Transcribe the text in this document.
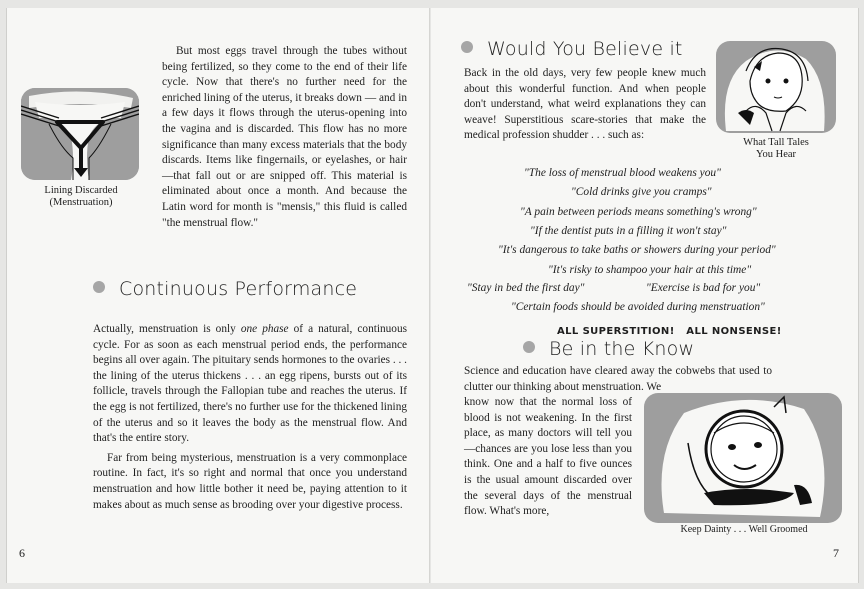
Lining Discarded
(Menstruation)
But most eggs travel through the tubes without being fertilized, so they come to the end of their life cycle. Now that there's no further need for the enriched lining of the uterus, it breaks down — and in a few days it flows through the uterus-opening into the vagina and is discarded. This flow has no more significance than many excess materials that the body discards. Items like fingernails, or eyelashes, or hair—that fall out or are snipped off. This material is eliminated about once a month. And because the Latin word for month is "mensis," this fluid is called "the menstrual flow."
Continuous Performance

Actually, menstruation is only one phase of a natural, continuous cycle. For as soon as each menstrual period ends, the performance begins all over again. The pituitary sends hormones to the ovaries . . . the lining of the uterus thickens . . . an egg ripens, bursts out of its follicle, travels through the Fallopian tube and reaches the uterus. If the egg is not fertilized, there's no further use for the thickened lining of the uterus and so it leaves the body as the menstrual flow. And that's the entire story.

Far from being mysterious, menstruation is a very commonplace routine. In fact, it's so right and normal that once you understand menstruation and how little bother it need be, paying attention to it makes about as much sense as brooding over your digestive process.

6
Would You Believe it
Back in the old days, very few people knew much about this wonderful function. And when people don't understand, what weird explanations they can weave! Superstitious scare-stories that make the medical profession shudder . . . such as:
What Tall Tales
You Hear
"The loss of menstrual blood weakens you"
"Cold drinks give you cramps"
"A pain between periods means something's wrong"
"If the dentist puts in a filling it won't stay"
"It's dangerous to take baths or showers during your period"
"It's risky to shampoo your hair at this time"
"Stay in bed the first day"	"Exercise is bad for you"
"Certain foods should be avoided during menstruation"
ALL SUPERSTITION!   ALL NONSENSE!
Be in the Know
Science and education have cleared away the cobwebs that used to clutter our thinking about menstruation. We
know now that the normal loss of blood is not weakening. In the first place, as many doctors will tell you—chances are you lose less than you think. One and a half to five ounces is the usual amount discarded over the several days of the menstrual flow. What's more,
Keep Dainty . . . Well Groomed
7
